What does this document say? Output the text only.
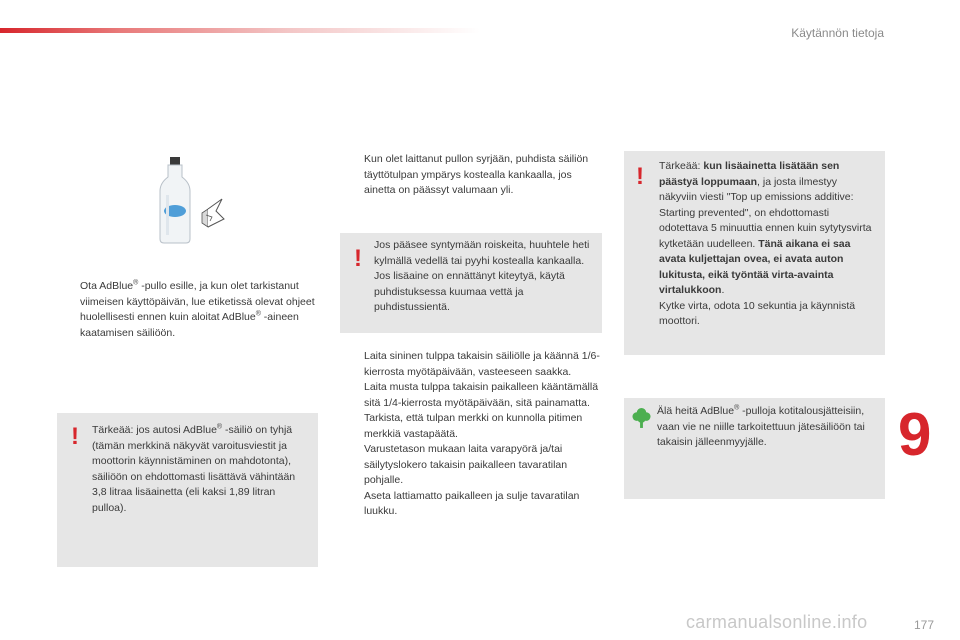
Käytännön tietoja
Ota AdBlue® -pullo esille, ja kun olet tarkistanut viimeisen käyttöpäivän, lue etiketissä olevat ohjeet huolellisesti ennen kuin aloitat AdBlue® -aineen kaatamisen säiliöön.
! Tärkeää: jos autosi AdBlue® -säiliö on tyhjä (tämän merkkinä näkyvät varoitusviestit ja moottorin käynnistäminen on mahdotonta), säiliöön on ehdottomasti lisättävä vähintään 3,8 litraa lisäainetta (eli kaksi 1,89 litran pulloa).
Kun olet laittanut pullon syrjään, puhdista säiliön täyttötulpan ympärys kostealla kankaalla, jos ainetta on päässyt valumaan yli.
! Jos pääsee syntymään roiskeita, huuhtele heti kylmällä vedellä tai pyyhi kostealla kankaalla.
Jos lisäaine on ennättänyt kiteytyä, käytä puhdistuksessa kuumaa vettä ja puhdistussientä.
Laita sininen tulppa takaisin säiliölle ja käännä 1/6-kierrosta myötäpäivään, vasteeseen saakka.
Laita musta tulppa takaisin paikalleen kääntämällä sitä 1/4-kierrosta myötäpäivään, sitä painamatta. Tarkista, että tulpan merkki on kunnolla pitimen merkkiä vastapäätä.
Varustetason mukaan laita varapyörä ja/tai säilytyslokero takaisin paikalleen tavaratilan pohjalle.
Aseta lattiamatto paikalleen ja sulje tavaratilan luukku.
! Tärkeää: kun lisäainetta lisätään sen päästyä loppumaan, ja josta ilmestyy näkyviin viesti "Top up emissions additive: Starting prevented", on ehdottomasti odotettava 5 minuuttia ennen kuin sytytysvirta kytketään uudelleen. Tänä aikana ei saa avata kuljettajan ovea, ei avata auton lukitusta, eikä työntää virta-avainta virtalukkoon.
Kytke virta, odota 10 sekuntia ja käynnistä moottori.
Älä heitä AdBlue® -pulloja kotitalousjätteisiin, vaan vie ne niille tarkoitettuun jätesäiliöön tai takaisin jälleenmyyjälle.	9
carmanualsonline.info	177
